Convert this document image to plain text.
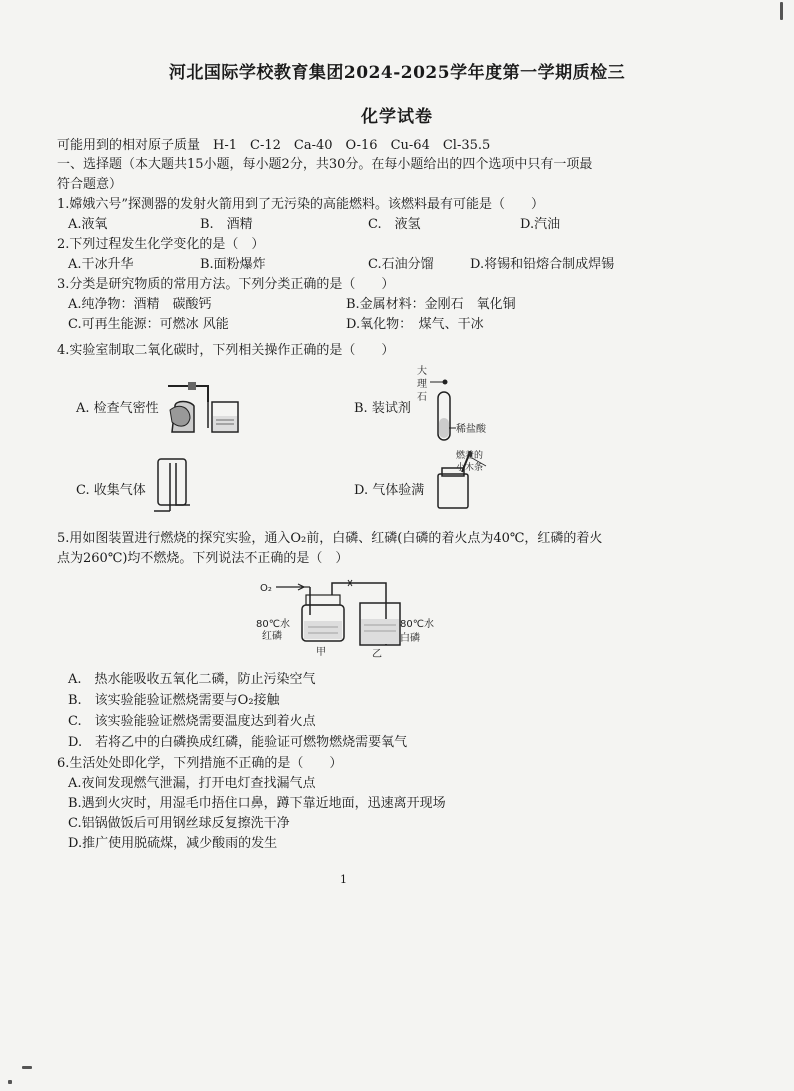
河北国际学校教育集团2024-2025学年度第一学期质检三
化学试卷
可能用到的相对原子质量　H-1　C-12　Ca-40　O-16　Cu-64　Cl-35.5
一、选择题（本大题共15小题，每小题2分，共30分。在每小题给出的四个选项中只有一项最
符合题意）
1.嫦娥六号”探测器的发射火箭用到了无污染的高能燃料。该燃料最有可能是（　　）
A.液氧	B.　酒精	C.　液氢	D.汽油
2.下列过程发生化学变化的是（　）
A.干冰升华	B.面粉爆炸	C.石油分馏	D.将锡和铅熔合制成焊锡
3.分类是研究物质的常用方法。下列分类正确的是（　　）
A.纯净物：酒精　碳酸钙	B.金属材料：金刚石　氧化铜
C.可再生能源：可燃冰 风能	D.氧化物：　煤气、干冰
4.实验室制取二氧化碳时，下列相关操作正确的是（　　）
A. 检查气密性	B. 装试剂
C. 收集气体	D. 气体验满
大
理
石
稀盐酸
燃着的
小木条
5.用如图装置进行燃烧的探究实验，通入O₂前，白磷、红磷(白磷的着火点为40℃，红磷的着火
点为260℃)均不燃烧。下列说法不正确的是（　）
O₂
80℃水
红磷
甲
80℃水
白磷
乙
A.　热水能吸收五氧化二磷，防止污染空气
B.　该实验能验证燃烧需要与O₂接触
C.　该实验能验证燃烧需要温度达到着火点
D.　若将乙中的白磷换成红磷，能验证可燃物燃烧需要氧气
6.生活处处即化学，下列措施不正确的是（　　）
A.夜间发现燃气泄漏，打开电灯查找漏气点
B.遇到火灾时，用湿毛巾捂住口鼻，蹲下靠近地面，迅速离开现场
C.铝锅做饭后可用钢丝球反复擦洗干净
D.推广使用脱硫煤，减少酸雨的发生
1
